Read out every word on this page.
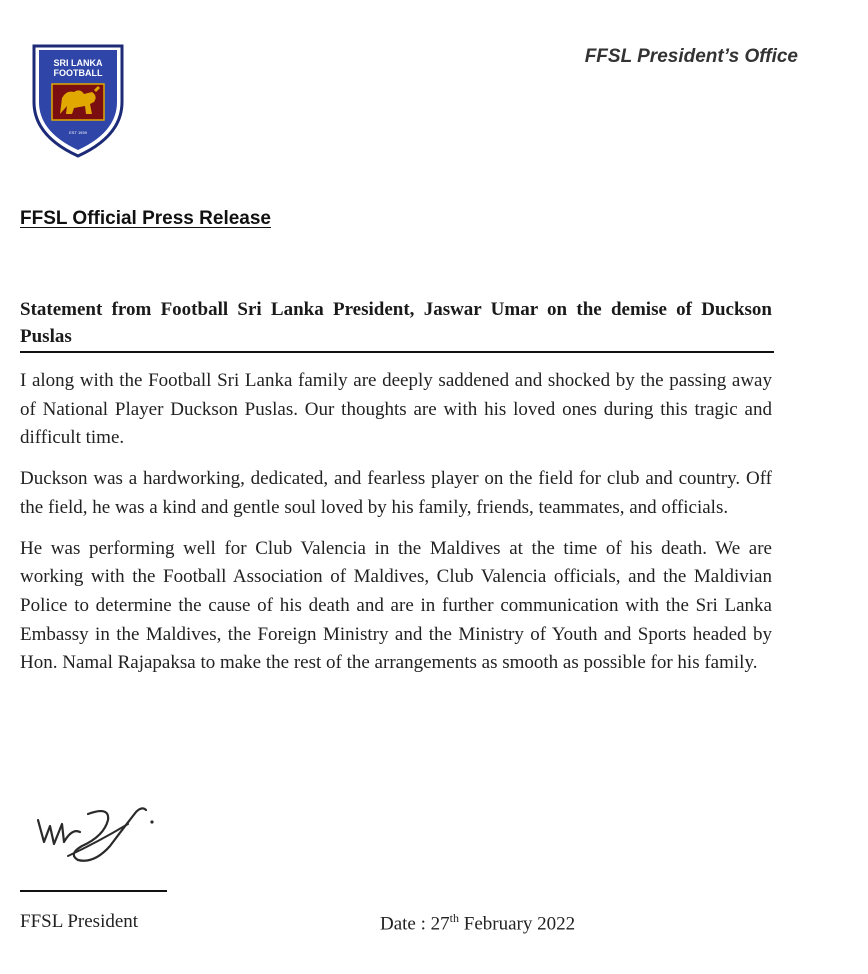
SRI LANKA
FOOTBALL
EST 1939
FFSL President’s Office
FFSL Official Press Release
Statement from Football Sri Lanka President, Jaswar Umar on the demise of Duckson Puslas

I along with the Football Sri Lanka family are deeply saddened and shocked by the passing away of National Player Duckson Puslas. Our thoughts are with his loved ones during this tragic and difficult time.

Duckson was a hardworking, dedicated, and fearless player on the field for club and country. Off the field, he was a kind and gentle soul loved by his family, friends, teammates, and officials.

He was performing well for Club Valencia in the Maldives at the time of his death. We are working with the Football Association of Maldives, Club Valencia officials, and the Maldivian Police to determine the cause of his death and are in further communication with the Sri Lanka Embassy in the Maldives, the Foreign Ministry and the Ministry of Youth and Sports headed by Hon. Namal Rajapaksa to make the rest of the arrangements as smooth as possible for his family.

FFSL President	Date : 27th February 2022
